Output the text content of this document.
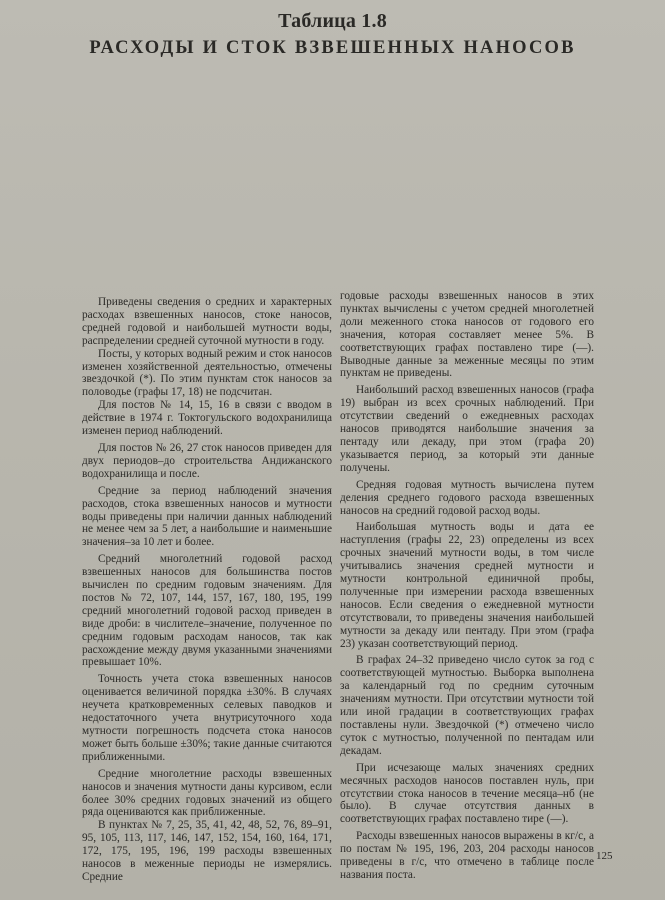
Таблица 1.8
РАСХОДЫ И СТОК ВЗВЕШЕННЫХ НАНОСОВ

Приведены сведения о средних и характерных расходах взвешенных наносов, стоке наносов, средней годовой и наибольшей мутности воды, распределении средней суточной мутности в году.

Посты, у которых водный режим и сток наносов изменен хозяйственной деятельностью, отмечены звездочкой (*). По этим пунктам сток наносов за половодье (графы 17, 18) не подсчитан.

Для постов № 14, 15, 16 в связи с вводом в действие в 1974 г. Токтогульского водохранилища изменен период наблюдений.

Для постов № 26, 27 сток наносов приведен для двух периодов–до строительства Андижанского водохранилища и после.

Средние за период наблюдений значения расходов, стока взвешенных наносов и мутности воды приведены при наличии данных наблюдений не менее чем за 5 лет, а наибольшие и наименьшие значения–за 10 лет и более.

Средний многолетний годовой расход взвешенных наносов для большинства постов вычислен по средним годовым значениям. Для постов № 72, 107, 144, 157, 167, 180, 195, 199 средний многолетний годовой расход приведен в виде дроби: в числителе–значение, полученное по средним годовым расходам наносов, так как расхождение между двумя указанными значениями превышает 10%.

Точность учета стока взвешенных наносов оценивается величиной порядка ±30%. В случаях неучета кратковременных селевых паводков и недостаточного учета внутрисуточного хода мутности погрешность подсчета стока наносов может быть больше ±30%; такие данные считаются приближенными.

Средние многолетние расходы взвешенных наносов и значения мутности даны курсивом, если более 30% средних годовых значений из общего ряда оцениваются как приближенные.

В пунктах № 7, 25, 35, 41, 42, 48, 52, 76, 89–91, 95, 105, 113, 117, 146, 147, 152, 154, 160, 164, 171, 172, 175, 195, 196, 199 расходы взвешенных наносов в меженные периоды не измерялись. Средние

годовые расходы взвешенных наносов в этих пунктах вычислены с учетом средней многолетней доли меженного стока наносов от годового его значения, которая составляет менее 5%. В соответствующих графах поставлено тире (—). Выводные данные за меженные месяцы по этим пунктам не приведены.

Наибольший расход взвешенных наносов (графа 19) выбран из всех срочных наблюдений. При отсутствии сведений о ежедневных расходах наносов приводятся наибольшие значения за пентаду или декаду, при этом (графа 20) указывается период, за который эти данные получены.

Средняя годовая мутность вычислена путем деления среднего годового расхода взвешенных наносов на средний годовой расход воды.

Наибольшая мутность воды и дата ее наступления (графы 22, 23) определены из всех срочных значений мутности воды, в том числе учитывались значения средней мутности и мутности контрольной единичной пробы, полученные при измерении расхода взвешенных наносов. Если сведения о ежедневной мутности отсутствовали, то приведены значения наибольшей мутности за декаду или пентаду. При этом (графа 23) указан соответствующий период.

В графах 24–32 приведено число суток за год с соответствующей мутностью. Выборка выполнена за календарный год по средним суточным значениям мутности. При отсутствии мутности той или иной градации в соответствующих графах поставлены нули. Звездочкой (*) отмечено число суток с мутностью, полученной по пентадам или декадам.

При исчезающе малых значениях средних месячных расходов наносов поставлен нуль, при отсутствии стока наносов в течение месяца–нб (не было). В случае отсутствия данных в соответствующих графах поставлено тире (—).

Расходы взвешенных наносов выражены в кг/с, а по постам № 195, 196, 203, 204 расходы наносов приведены в г/с, что отмечено в таблице после названия поста.

125
